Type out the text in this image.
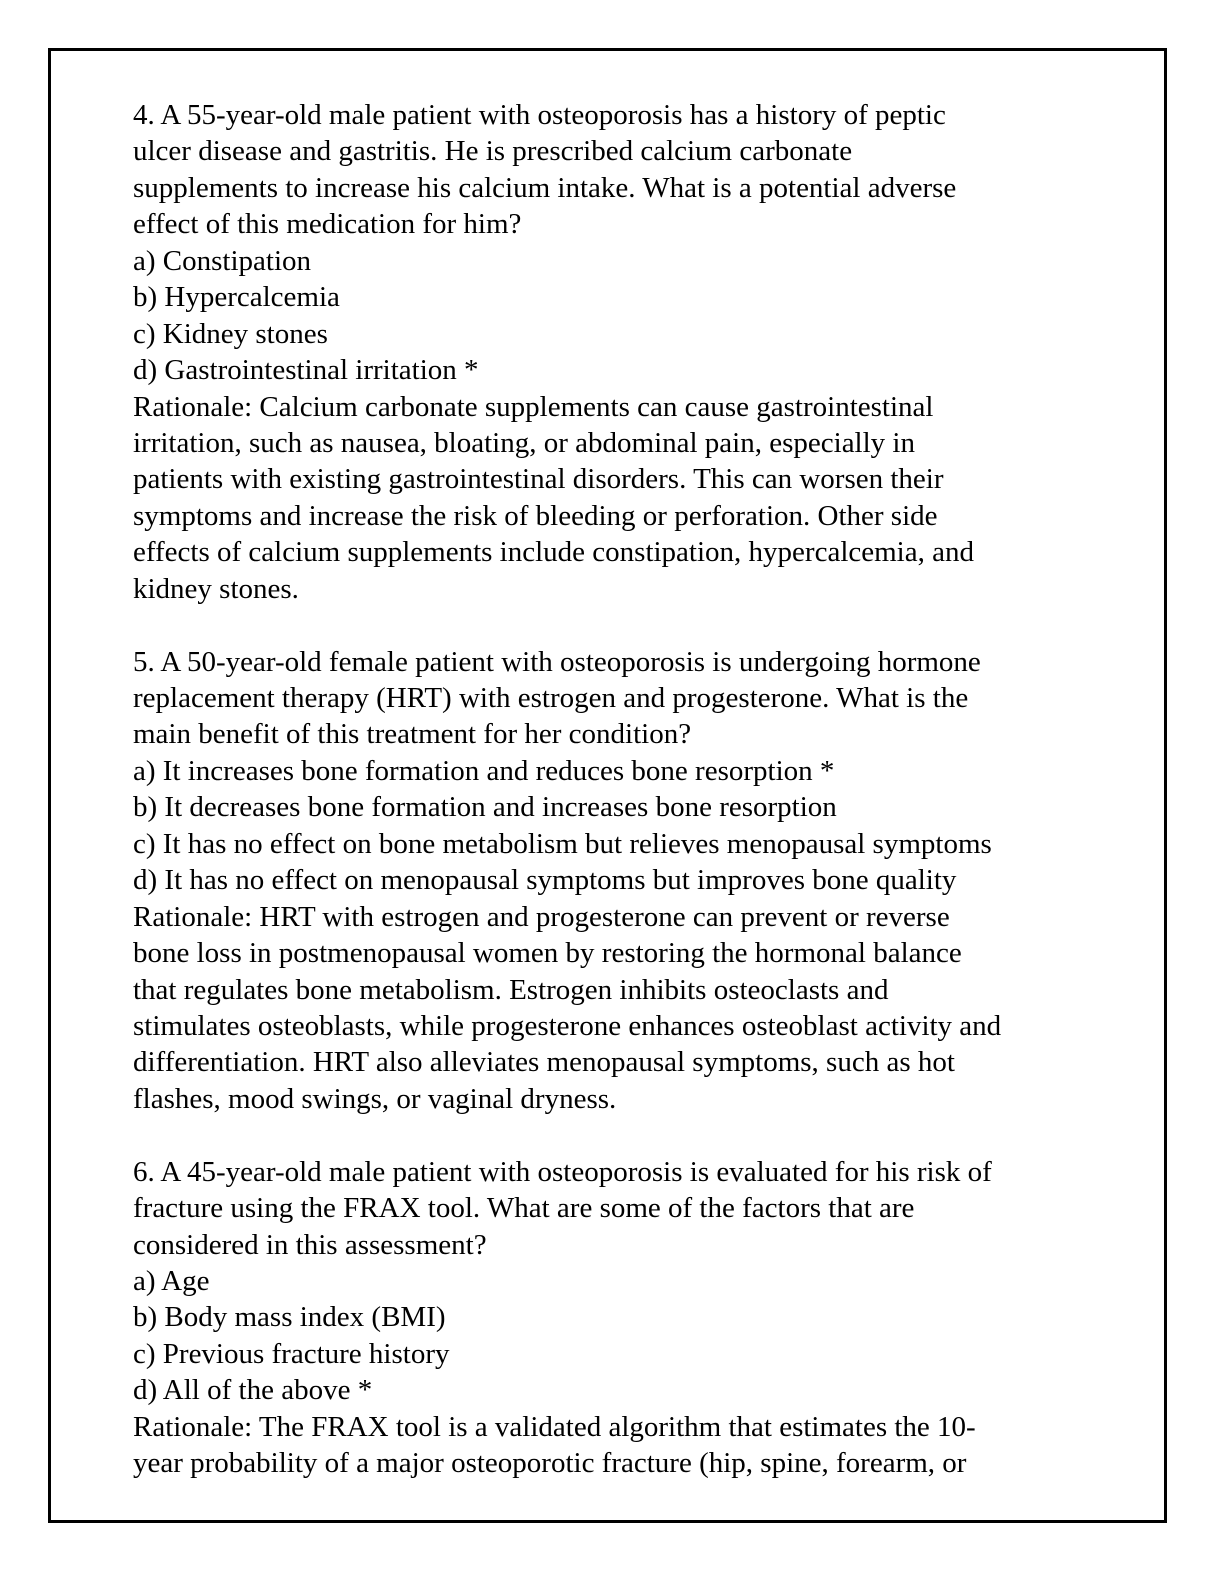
4. A 55-year-old male patient with osteoporosis has a history of peptic
ulcer disease and gastritis. He is prescribed calcium carbonate
supplements to increase his calcium intake. What is a potential adverse
effect of this medication for him?
a) Constipation
b) Hypercalcemia
c) Kidney stones
d) Gastrointestinal irritation *
Rationale: Calcium carbonate supplements can cause gastrointestinal
irritation, such as nausea, bloating, or abdominal pain, especially in
patients with existing gastrointestinal disorders. This can worsen their
symptoms and increase the risk of bleeding or perforation. Other side
effects of calcium supplements include constipation, hypercalcemia, and
kidney stones.
5. A 50-year-old female patient with osteoporosis is undergoing hormone
replacement therapy (HRT) with estrogen and progesterone. What is the
main benefit of this treatment for her condition?
a) It increases bone formation and reduces bone resorption *
b) It decreases bone formation and increases bone resorption
c) It has no effect on bone metabolism but relieves menopausal symptoms
d) It has no effect on menopausal symptoms but improves bone quality
Rationale: HRT with estrogen and progesterone can prevent or reverse
bone loss in postmenopausal women by restoring the hormonal balance
that regulates bone metabolism. Estrogen inhibits osteoclasts and
stimulates osteoblasts, while progesterone enhances osteoblast activity and
differentiation. HRT also alleviates menopausal symptoms, such as hot
flashes, mood swings, or vaginal dryness.
6. A 45-year-old male patient with osteoporosis is evaluated for his risk of
fracture using the FRAX tool. What are some of the factors that are
considered in this assessment?
a) Age
b) Body mass index (BMI)
c) Previous fracture history
d) All of the above *
Rationale: The FRAX tool is a validated algorithm that estimates the 10-
year probability of a major osteoporotic fracture (hip, spine, forearm, or
